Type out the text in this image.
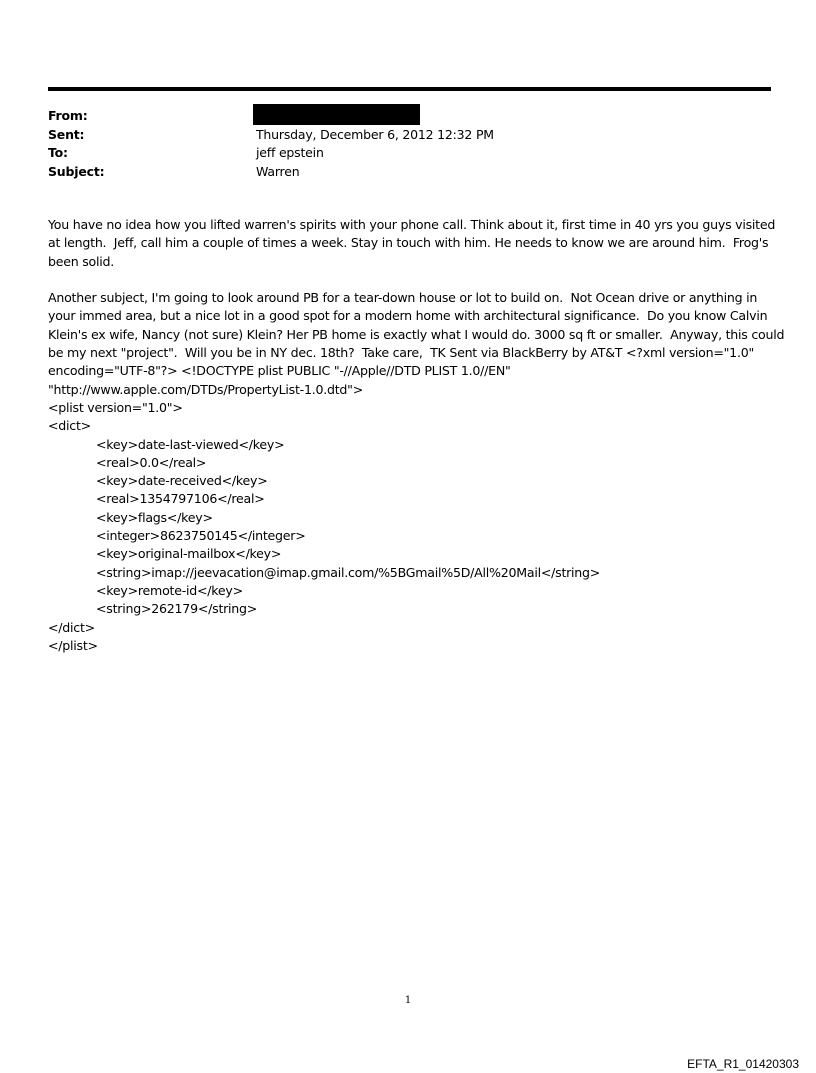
From:
Sent:	Thursday, December 6, 2012 12:32 PM
To:	jeff epstein
Subject:	Warren

You have no idea how you lifted warren's spirits with your phone call. Think about it, first time in 40 yrs you guys visited
at length.  Jeff, call him a couple of times a week. Stay in touch with him. He needs to know we are around him.  Frog's
been solid.

Another subject, I'm going to look around PB for a tear-down house or lot to build on.  Not Ocean drive or anything in
your immed area, but a nice lot in a good spot for a modern home with architectural significance.  Do you know Calvin
Klein's ex wife, Nancy (not sure) Klein? Her PB home is exactly what I would do. 3000 sq ft or smaller.  Anyway, this could
be my next "project".  Will you be in NY dec. 18th?  Take care,  TK Sent via BlackBerry by AT&T <?xml version="1.0"
encoding="UTF-8"?> <!DOCTYPE plist PUBLIC "-//Apple//DTD PLIST 1.0//EN"
"http://www.apple.com/DTDs/PropertyList-1.0.dtd">
<plist version="1.0">
<dict>
<key>date-last-viewed</key>
<real>0.0</real>
<key>date-received</key>
<real>1354797106</real>
<key>flags</key>
<integer>8623750145</integer>
<key>original-mailbox</key>
<string>imap://jeevacation@imap.gmail.com/%5BGmail%5D/All%20Mail</string>
<key>remote-id</key>
<string>262179</string>
</dict>
</plist>

1
EFTA_R1_01420303
